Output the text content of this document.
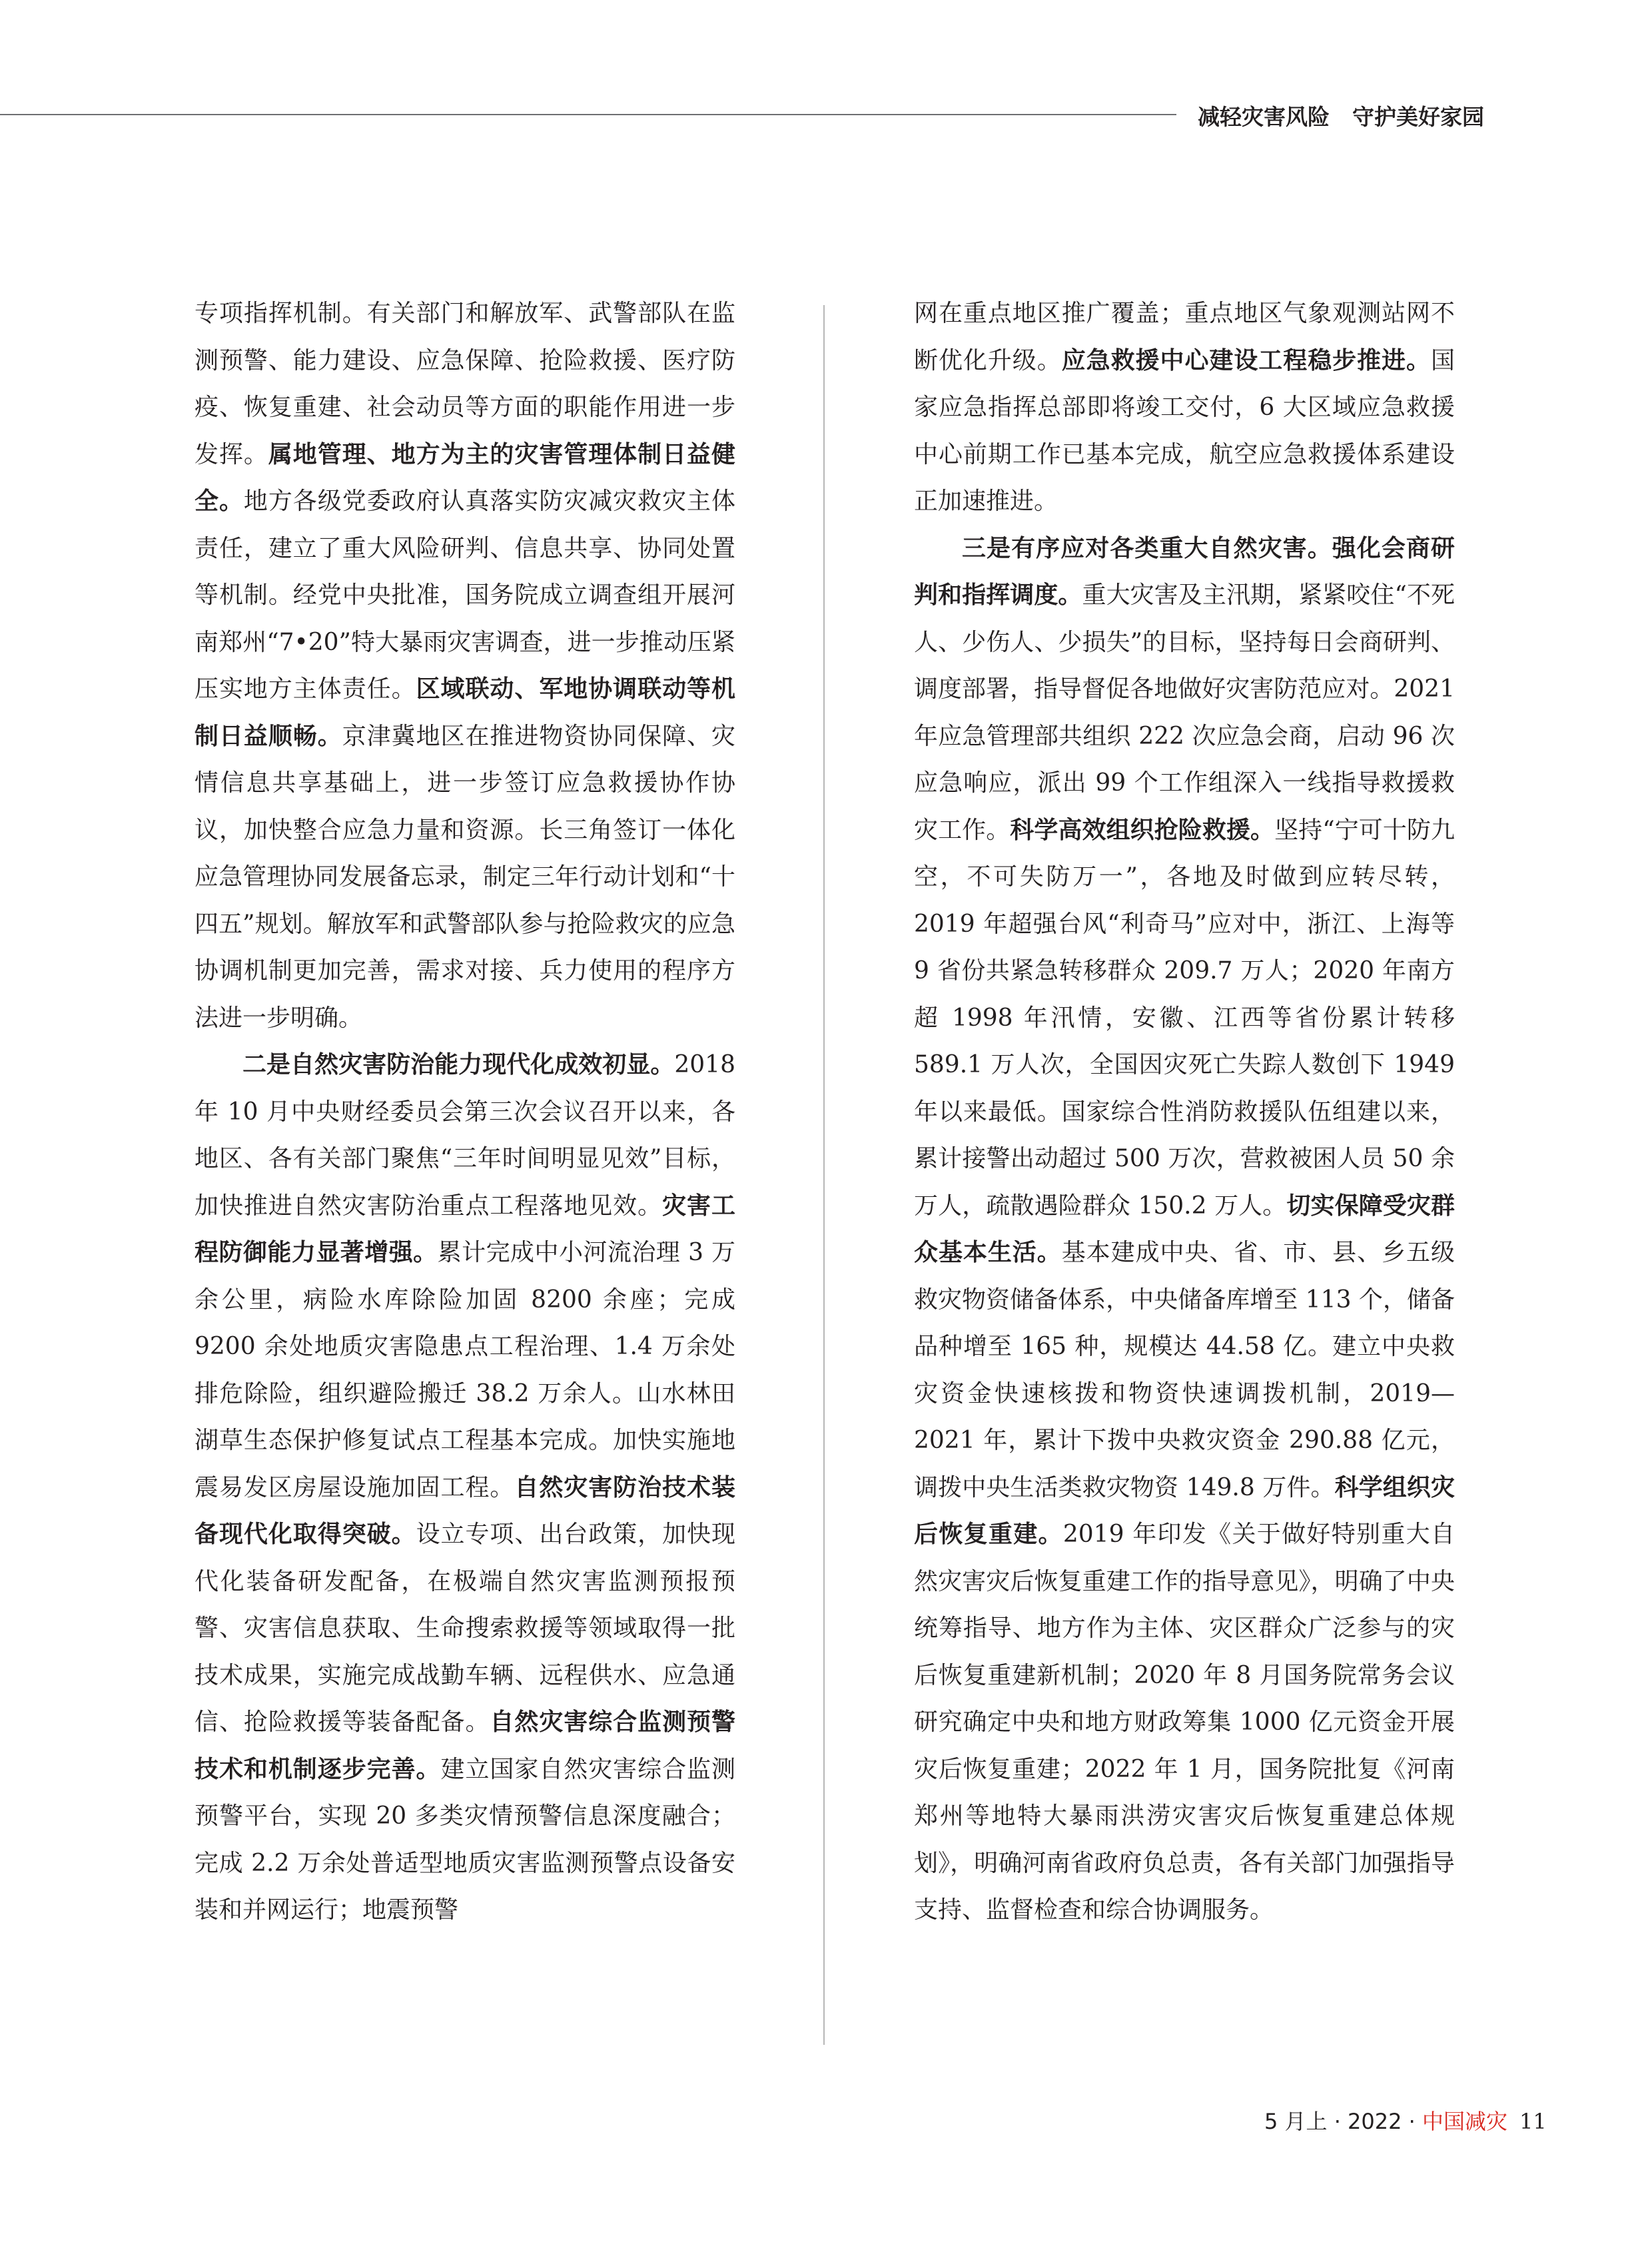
减轻灾害风险 守护美好家园

专项指挥机制。有关部门和解放军、武警部队在监测预警、能力建设、应急保障、抢险救援、医疗防疫、恢复重建、社会动员等方面的职能作用进一步发挥。属地管理、地方为主的灾害管理体制日益健全。地方各级党委政府认真落实防灾减灾救灾主体责任，建立了重大风险研判、信息共享、协同处置等机制。经党中央批准，国务院成立调查组开展河南郑州“7•20”特大暴雨灾害调查，进一步推动压紧压实地方主体责任。区域联动、军地协调联动等机制日益顺畅。京津冀地区在推进物资协同保障、灾情信息共享基础上，进一步签订应急救援协作协议，加快整合应急力量和资源。长三角签订一体化应急管理协同发展备忘录，制定三年行动计划和“十四五”规划。解放军和武警部队参与抢险救灾的应急协调机制更加完善，需求对接、兵力使用的程序方法进一步明确。

二是自然灾害防治能力现代化成效初显。2018 年 10 月中央财经委员会第三次会议召开以来，各地区、各有关部门聚焦“三年时间明显见效”目标，加快推进自然灾害防治重点工程落地见效。灾害工程防御能力显著增强。累计完成中小河流治理 3 万余公里，病险水库除险加固 8200 余座；完成 9200 余处地质灾害隐患点工程治理、1.4 万余处排危除险，组织避险搬迁 38.2 万余人。山水林田湖草生态保护修复试点工程基本完成。加快实施地震易发区房屋设施加固工程。自然灾害防治技术装备现代化取得突破。设立专项、出台政策，加快现代化装备研发配备，在极端自然灾害监测预报预警、灾害信息获取、生命搜索救援等领域取得一批技术成果，实施完成战勤车辆、远程供水、应急通信、抢险救援等装备配备。自然灾害综合监测预警技术和机制逐步完善。建立国家自然灾害综合监测预警平台，实现 20 多类灾情预警信息深度融合；完成 2.2 万余处普适型地质灾害监测预警点设备安装和并网运行；地震预警

网在重点地区推广覆盖；重点地区气象观测站网不断优化升级。应急救援中心建设工程稳步推进。国家应急指挥总部即将竣工交付，6 大区域应急救援中心前期工作已基本完成，航空应急救援体系建设正加速推进。

三是有序应对各类重大自然灾害。强化会商研判和指挥调度。重大灾害及主汛期，紧紧咬住“不死人、少伤人、少损失”的目标，坚持每日会商研判、调度部署，指导督促各地做好灾害防范应对。2021 年应急管理部共组织 222 次应急会商，启动 96 次应急响应，派出 99 个工作组深入一线指导救援救灾工作。科学高效组织抢险救援。坚持“宁可十防九空，不可失防万一”，各地及时做到应转尽转，2019 年超强台风“利奇马”应对中，浙江、上海等 9 省份共紧急转移群众 209.7 万人；2020 年南方超 1998 年汛情，安徽、江西等省份累计转移 589.1 万人次，全国因灾死亡失踪人数创下 1949 年以来最低。国家综合性消防救援队伍组建以来，累计接警出动超过 500 万次，营救被困人员 50 余万人，疏散遇险群众 150.2 万人。切实保障受灾群众基本生活。基本建成中央、省、市、县、乡五级救灾物资储备体系，中央储备库增至 113 个，储备品种增至 165 种，规模达 44.58 亿。建立中央救灾资金快速核拨和物资快速调拨机制，2019—2021 年，累计下拨中央救灾资金 290.88 亿元，调拨中央生活类救灾物资 149.8 万件。科学组织灾后恢复重建。2019 年印发《关于做好特别重大自然灾害灾后恢复重建工作的指导意见》，明确了中央统筹指导、地方作为主体、灾区群众广泛参与的灾后恢复重建新机制；2020 年 8 月国务院常务会议研究确定中央和地方财政筹集 1000 亿元资金开展灾后恢复重建；2022 年 1 月，国务院批复《河南郑州等地特大暴雨洪涝灾害灾后恢复重建总体规划》，明确河南省政府负总责，各有关部门加强指导支持、监督检查和综合协调服务。

5 月上 · 2022 · 中国减灾 11
